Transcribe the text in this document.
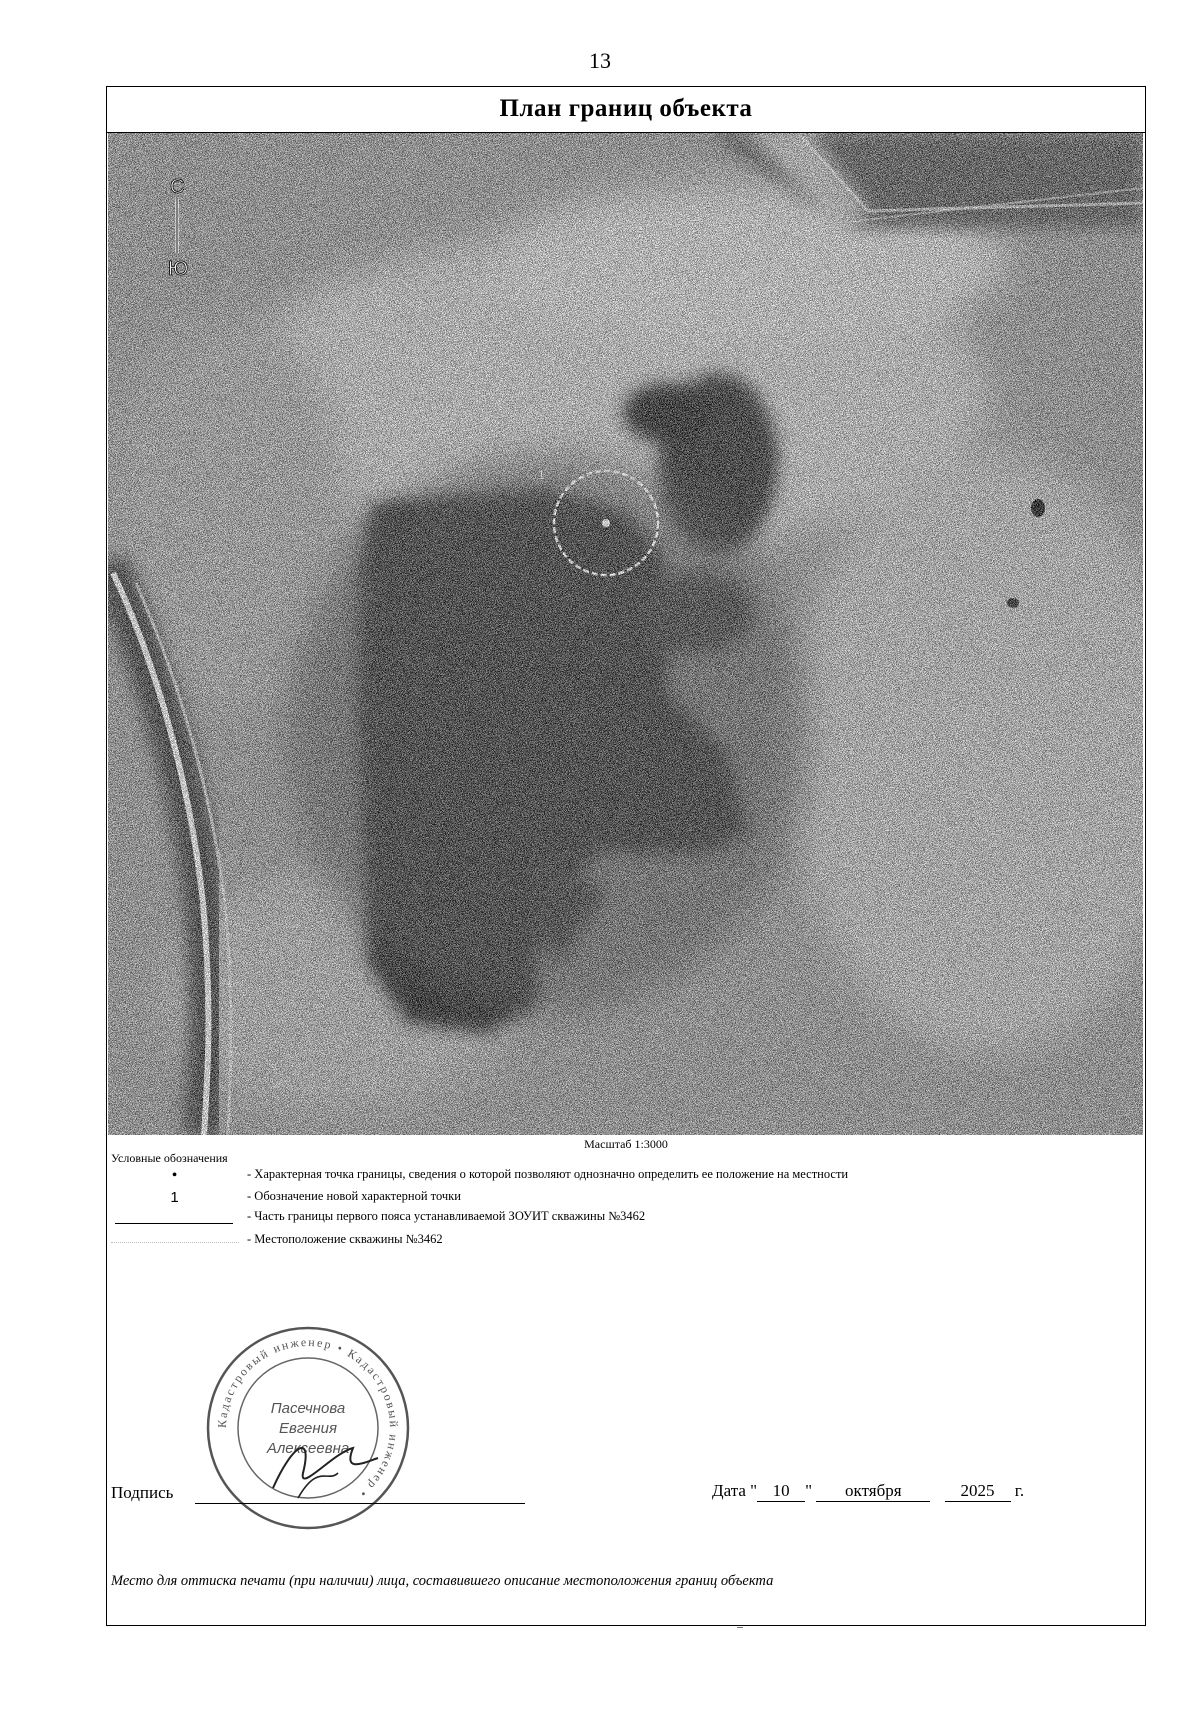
13
План границ объекта
С
Ю
Масштаб 1:3000
Условные обозначения
•	- Характерная точка границы, сведения о которой позволяют однозначно определить ее положение на местности
1	- Обозначение новой характерной точки
- Часть границы первого пояса устанавливаемой ЗОУИТ скважины №3462
- Местоположение скважины №3462
Кадастровый инженер • Кадастровый инженер •
Пасечнова
Евгения
Алексеевна
Подпись	Дата " 10 " октября	2025 г.
Место для оттиска печати (при наличии) лица, составившего описание местоположения границ объекта
